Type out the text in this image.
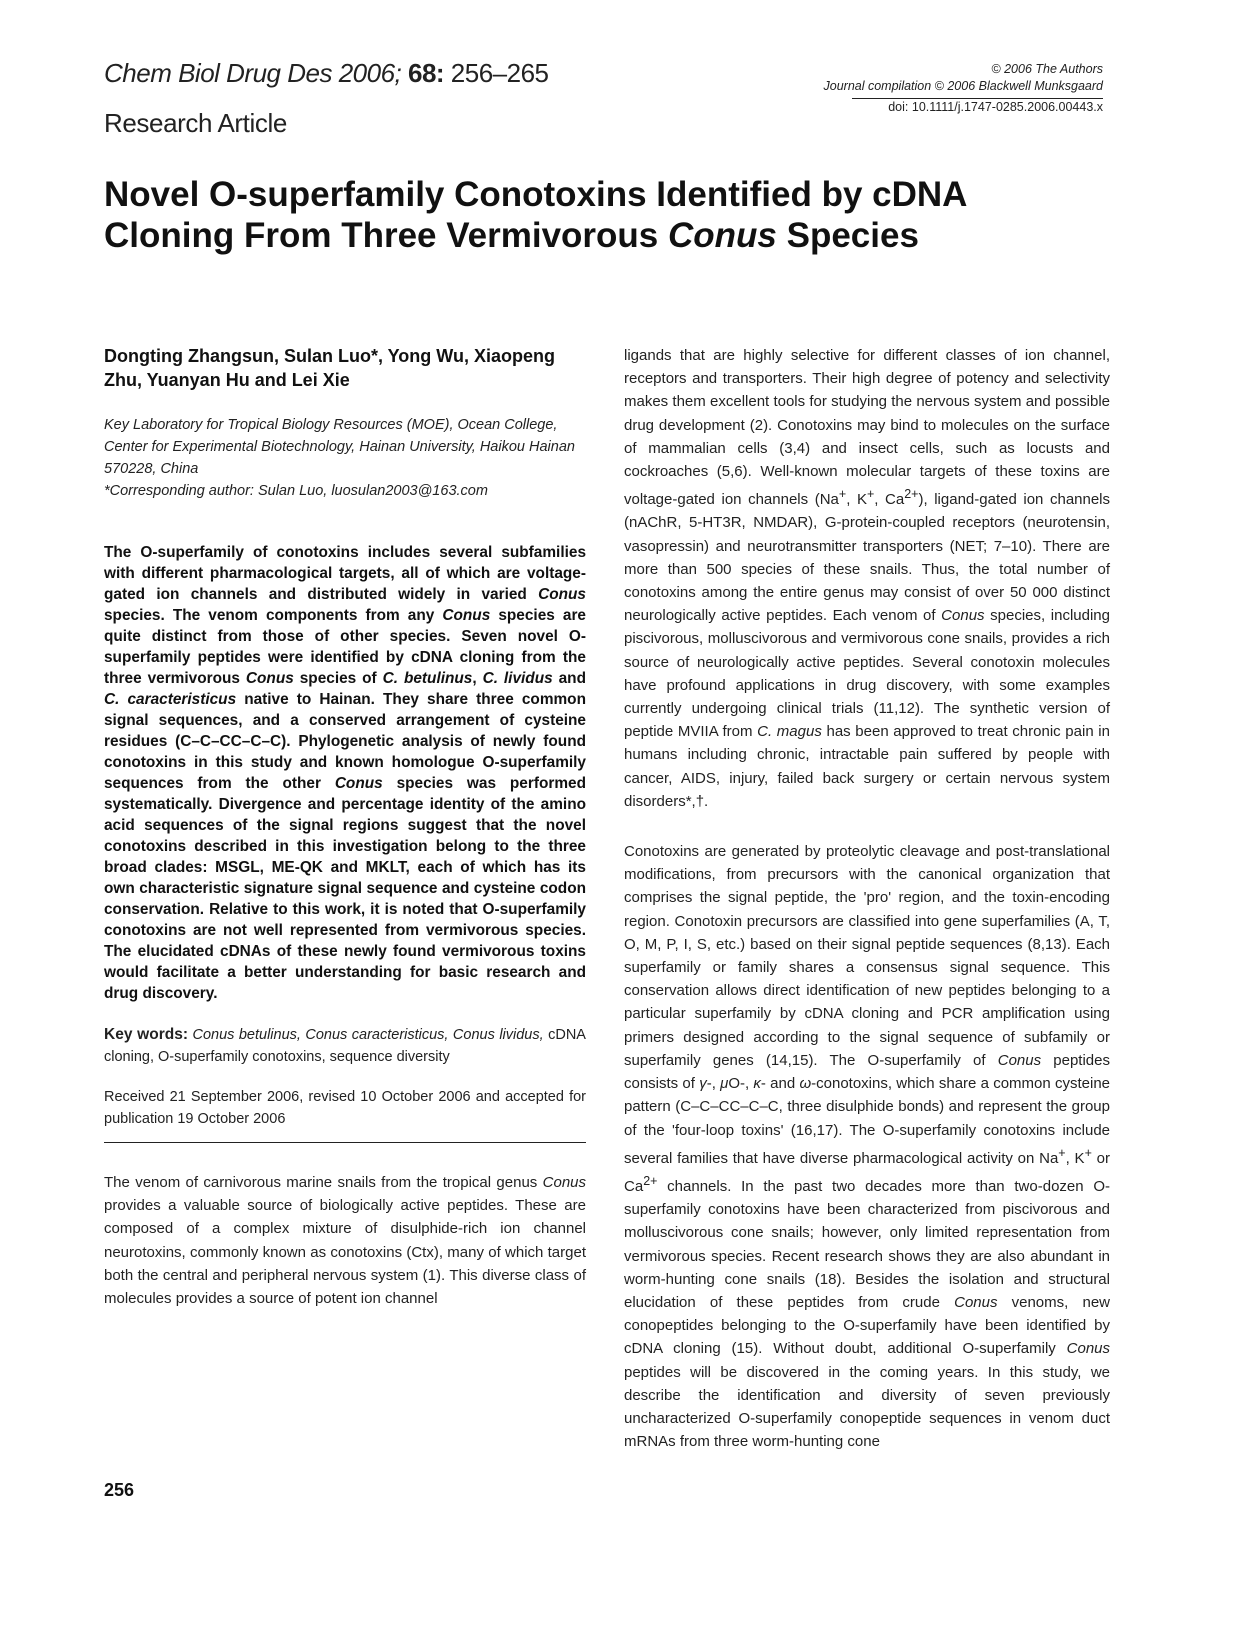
Chem Biol Drug Des 2006; 68: 256–265
Research Article
© 2006 The Authors
Journal compilation © 2006 Blackwell Munksgaard
doi: 10.1111/j.1747-0285.2006.00443.x
Novel O-superfamily Conotoxins Identified by cDNA Cloning From Three Vermivorous Conus Species

Dongting Zhangsun, Sulan Luo*, Yong Wu, Xiaopeng Zhu, Yuanyan Hu and Lei Xie

Key Laboratory for Tropical Biology Resources (MOE), Ocean College, Center for Experimental Biotechnology, Hainan University, Haikou Hainan 570228, China

*Corresponding author: Sulan Luo, luosulan2003@163.com

The O-superfamily of conotoxins includes several subfamilies with different pharmacological targets, all of which are voltage-gated ion channels and distributed widely in varied Conus species. The venom components from any Conus species are quite distinct from those of other species. Seven novel O-superfamily peptides were identified by cDNA cloning from the three vermivorous Conus species of C. betulinus, C. lividus and C. caracteristicus native to Hainan. They share three common signal sequences, and a conserved arrangement of cysteine residues (C–C–CC–C–C). Phylogenetic analysis of newly found conotoxins in this study and known homologue O-superfamily sequences from the other Conus species was performed systematically. Divergence and percentage identity of the amino acid sequences of the signal regions suggest that the novel conotoxins described in this investigation belong to the three broad clades: MSGL, ME-QK and MKLT, each of which has its own characteristic signature signal sequence and cysteine codon conservation. Relative to this work, it is noted that O-superfamily conotoxins are not well represented from vermivorous species. The elucidated cDNAs of these newly found vermivorous toxins would facilitate a better understanding for basic research and drug discovery.

Key words: Conus betulinus, Conus caracteristicus, Conus lividus, cDNA cloning, O-superfamily conotoxins, sequence diversity

Received 21 September 2006, revised 10 October 2006 and accepted for publication 19 October 2006

The venom of carnivorous marine snails from the tropical genus Conus provides a valuable source of biologically active peptides. These are composed of a complex mixture of disulphide-rich ion channel neurotoxins, commonly known as conotoxins (Ctx), many of which target both the central and peripheral nervous system (1). This diverse class of molecules provides a source of potent ion channel

ligands that are highly selective for different classes of ion channel, receptors and transporters. Their high degree of potency and selectivity makes them excellent tools for studying the nervous system and possible drug development (2). Conotoxins may bind to molecules on the surface of mammalian cells (3,4) and insect cells, such as locusts and cockroaches (5,6). Well-known molecular targets of these toxins are voltage-gated ion channels (Na+, K+, $Ca^{2+}$), ligand-gated ion channels (nAChR, 5-HT3R, NMDAR), G-protein-coupled receptors (neurotensin, vasopressin) and neurotransmitter transporters (NET; 7–10). There are more than 500 species of these snails. Thus, the total number of conotoxins among the entire genus may consist of over 50 000 distinct neurologically active peptides. Each venom of Conus species, including piscivorous, molluscivorous and vermivorous cone snails, provides a rich source of neurologically active peptides. Several conotoxin molecules have profound applications in drug discovery, with some examples currently undergoing clinical trials (11,12). The synthetic version of peptide MVIIA from C. magus has been approved to treat chronic pain in humans including chronic, intractable pain suffered by people with cancer, AIDS, injury, failed back surgery or certain nervous system disorders*,†.

Conotoxins are generated by proteolytic cleavage and post-translational modifications, from precursors with the canonical organization that comprises the signal peptide, the 'pro' region, and the toxin-encoding region. Conotoxin precursors are classified into gene superfamilies (A, T, O, M, P, I, S, etc.) based on their signal peptide sequences (8,13). Each superfamily or family shares a consensus signal sequence. This conservation allows direct identification of new peptides belonging to a particular superfamily by cDNA cloning and PCR amplification using primers designed according to the signal sequence of subfamily or superfamily genes (14,15). The O-superfamily of Conus peptides consists of γ-, μO-, κ- and ω-conotoxins, which share a common cysteine pattern (C–C–CC–C–C, three disulphide bonds) and represent the group of the 'four-loop toxins' (16,17). The O-superfamily conotoxins include several families that have diverse pharmacological activity on Na+, K+ or $Ca^{2+}$ channels. In the past two decades more than two-dozen O-superfamily conotoxins have been characterized from piscivorous and molluscivorous cone snails; however, only limited representation from vermivorous species. Recent research shows they are also abundant in worm-hunting cone snails (18). Besides the isolation and structural elucidation of these peptides from crude Conus venoms, new conopeptides belonging to the O-superfamily have been identified by cDNA cloning (15). Without doubt, additional O-superfamily Conus peptides will be discovered in the coming years. In this study, we describe the identification and diversity of seven previously uncharacterized O-superfamily conopeptide sequences in venom duct mRNAs from three worm-hunting cone

256
